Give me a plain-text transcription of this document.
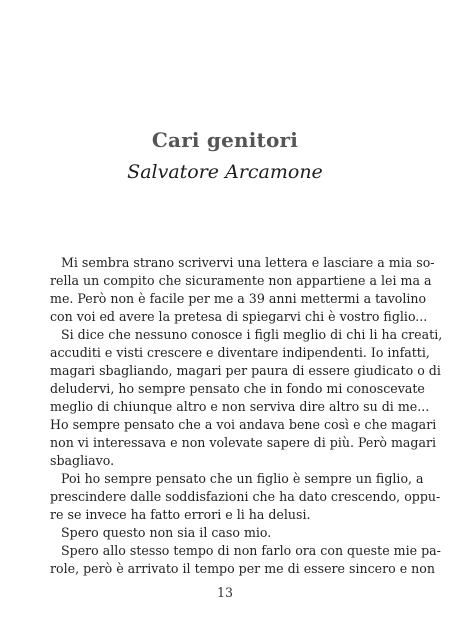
Cari genitori
Salvatore Arcamone
Mi sembra strano scrivervi una lettera e lasciare a mia so-
rella un compito che sicuramente non appartiene a lei ma a
me. Però non è facile per me a 39 anni mettermi a tavolino
con voi ed avere la pretesa di spiegarvi chi è vostro figlio...
Si dice che nessuno conosce i figli meglio di chi li ha creati,
accuditi e visti crescere e diventare indipendenti. Io infatti,
magari sbagliando, magari per paura di essere giudicato o di
deludervi, ho sempre pensato che in fondo mi conoscevate
meglio di chiunque altro e non serviva dire altro su di me...
Ho sempre pensato che a voi andava bene così e che magari
non vi interessava e non volevate sapere di più. Però magari
sbagliavo.
Poi ho sempre pensato che un figlio è sempre un figlio, a
prescindere dalle soddisfazioni che ha dato crescendo, oppu-
re se invece ha fatto errori e li ha delusi.
Spero questo non sia il caso mio.
Spero allo stesso tempo di non farlo ora con queste mie pa-
role, però è arrivato il tempo per me di essere sincero e non
13
